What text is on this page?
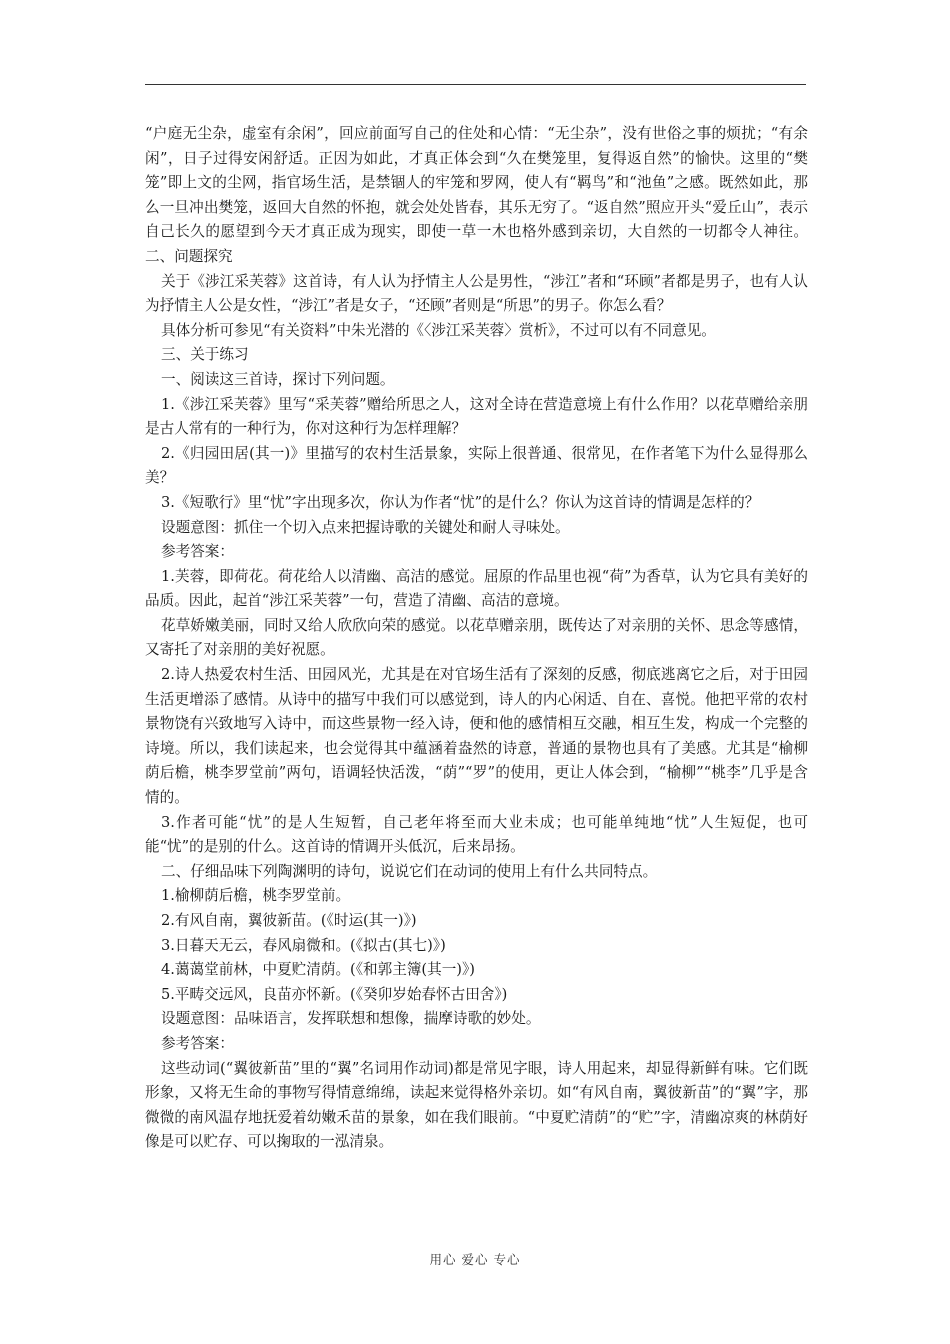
“户庭无尘杂，虚室有余闲”，回应前面写自己的住处和心情：“无尘杂”，没有世俗之事的烦扰；“有余闲”，日子过得安闲舒适。正因为如此，才真正体会到“久在樊笼里，复得返自然”的愉快。这里的“樊笼”即上文的尘网，指官场生活，是禁锢人的牢笼和罗网，使人有“羁鸟”和“池鱼”之感。既然如此，那么一旦冲出樊笼，返回大自然的怀抱，就会处处皆春，其乐无穷了。“返自然”照应开头“爱丘山”，表示自己长久的愿望到今天才真正成为现实，即使一草一木也格外感到亲切，大自然的一切都令人神往。            二、问题探究

关于《涉江采芙蓉》这首诗，有人认为抒情主人公是男性，“涉江”者和“环顾”者都是男子，也有人认为抒情主人公是女性，“涉江”者是女子，“还顾”者则是“所思”的男子。你怎么看？

具体分析可参见“有关资料”中朱光潜的《〈涉江采芙蓉〉赏析》，不过可以有不同意见。

三、关于练习

一、阅读这三首诗，探讨下列问题。

1.《涉江采芙蓉》里写“采芙蓉”赠给所思之人，这对全诗在营造意境上有什么作用？以花草赠给亲朋是古人常有的一种行为，你对这种行为怎样理解？

2.《归园田居(其一)》里描写的农村生活景象，实际上很普通、很常见，在作者笔下为什么显得那么美？

3.《短歌行》里“忧”字出现多次，你认为作者“忧”的是什么？你认为这首诗的情调是怎样的？

设题意图：抓住一个切入点来把握诗歌的关键处和耐人寻味处。

参考答案：

1.芙蓉，即荷花。荷花给人以清幽、高洁的感觉。屈原的作品里也视“荷”为香草，认为它具有美好的品质。因此，起首“涉江采芙蓉”一句，营造了清幽、高洁的意境。

花草娇嫩美丽，同时又给人欣欣向荣的感觉。以花草赠亲朋，既传达了对亲朋的关怀、思念等感情，又寄托了对亲朋的美好祝愿。

2.诗人热爱农村生活、田园风光，尤其是在对官场生活有了深刻的反感，彻底逃离它之后，对于田园生活更增添了感情。从诗中的描写中我们可以感觉到，诗人的内心闲适、自在、喜悦。他把平常的农村景物饶有兴致地写入诗中，而这些景物一经入诗，便和他的感情相互交融，相互生发，构成一个完整的诗境。所以，我们读起来，也会觉得其中蕴涵着盎然的诗意，普通的景物也具有了美感。尤其是“榆柳荫后檐，桃李罗堂前”两句，语调轻快活泼，“荫”“罗”的使用，更让人体会到，“榆柳”“桃李”几乎是含情的。

3.作者可能“忧”的是人生短暂，自己老年将至而大业未成；也可能单纯地“忧”人生短促，也可能“忧”的是别的什么。这首诗的情调开头低沉，后来昂扬。

二、仔细品味下列陶渊明的诗句，说说它们在动词的使用上有什么共同特点。

1.榆柳荫后檐，桃李罗堂前。

2.有风自南，翼彼新苗。(《时运(其一)》)

3.日暮天无云，春风扇微和。(《拟古(其七)》)

4.蔼蔼堂前林，中夏贮清荫。(《和郭主簿(其一)》)

5.平畴交远风，良苗亦怀新。(《癸卯岁始春怀古田舍》)

设题意图：品味语言，发挥联想和想像，揣摩诗歌的妙处。

参考答案：

这些动词(“翼彼新苗”里的“翼”名词用作动词)都是常见字眼，诗人用起来，却显得新鲜有味。它们既形象，又将无生命的事物写得情意绵绵，读起来觉得格外亲切。如“有风自南，翼彼新苗”的“翼”字，那微微的南风温存地抚爱着幼嫩禾苗的景象，如在我们眼前。“中夏贮清荫”的“贮”字，清幽凉爽的林荫好像是可以贮存、可以掬取的一泓清泉。

用心 爱心 专心
